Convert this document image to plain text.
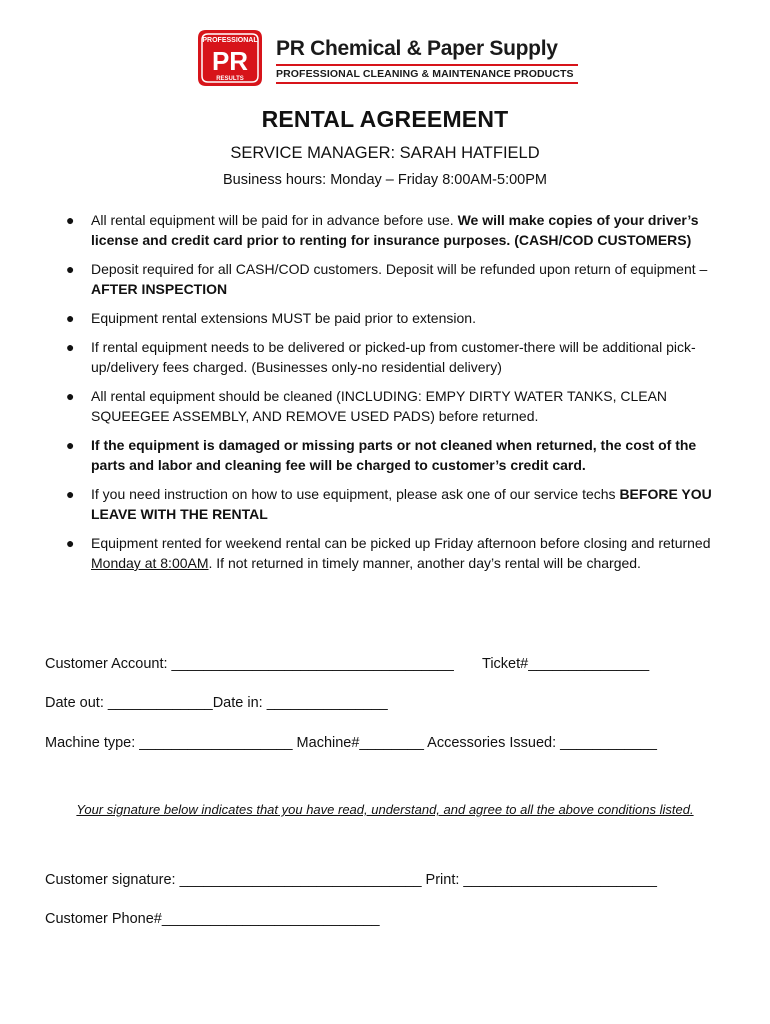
PROFESSIONAL
PR
RESULTS
PR Chemical & Paper Supply
PROFESSIONAL CLEANING & MAINTENANCE PRODUCTS
RENTAL AGREEMENT
SERVICE MANAGER: SARAH HATFIELD
Business hours: Monday – Friday 8:00AM-5:00PM
● All rental equipment will be paid for in advance before use. We will make copies of your driver’s license and credit card prior to renting for insurance purposes. (CASH/COD CUSTOMERS)
● Deposit required for all CASH/COD customers. Deposit will be refunded upon return of equipment – AFTER INSPECTION
● Equipment rental extensions MUST be paid prior to extension.
● If rental equipment needs to be delivered or picked-up from customer-there will be additional pick-up/delivery fees charged. (Businesses only-no residential delivery)
● All rental equipment should be cleaned (INCLUDING: EMPY DIRTY WATER TANKS, CLEAN SQUEEGEE ASSEMBLY, AND REMOVE USED PADS) before returned.
● If the equipment is damaged or missing parts or not cleaned when returned, the cost of the parts and labor and cleaning fee will be charged to customer’s credit card.
● If you need instruction on how to use equipment, please ask one of our service techs BEFORE YOU LEAVE WITH THE RENTAL
● Equipment rented for weekend rental can be picked up Friday afternoon before closing and returned Monday at 8:00AM. If not returned in timely manner, another day’s rental will be charged.
Customer Account: ___________________________________ Ticket#_______________
Date out: _____________Date in: _______________
Machine type: ___________________ Machine#________ Accessories Issued: ____________
Your signature below indicates that you have read, understand, and agree to all the above conditions listed.
Customer signature: ______________________________ Print: ________________________
Customer Phone#___________________________
